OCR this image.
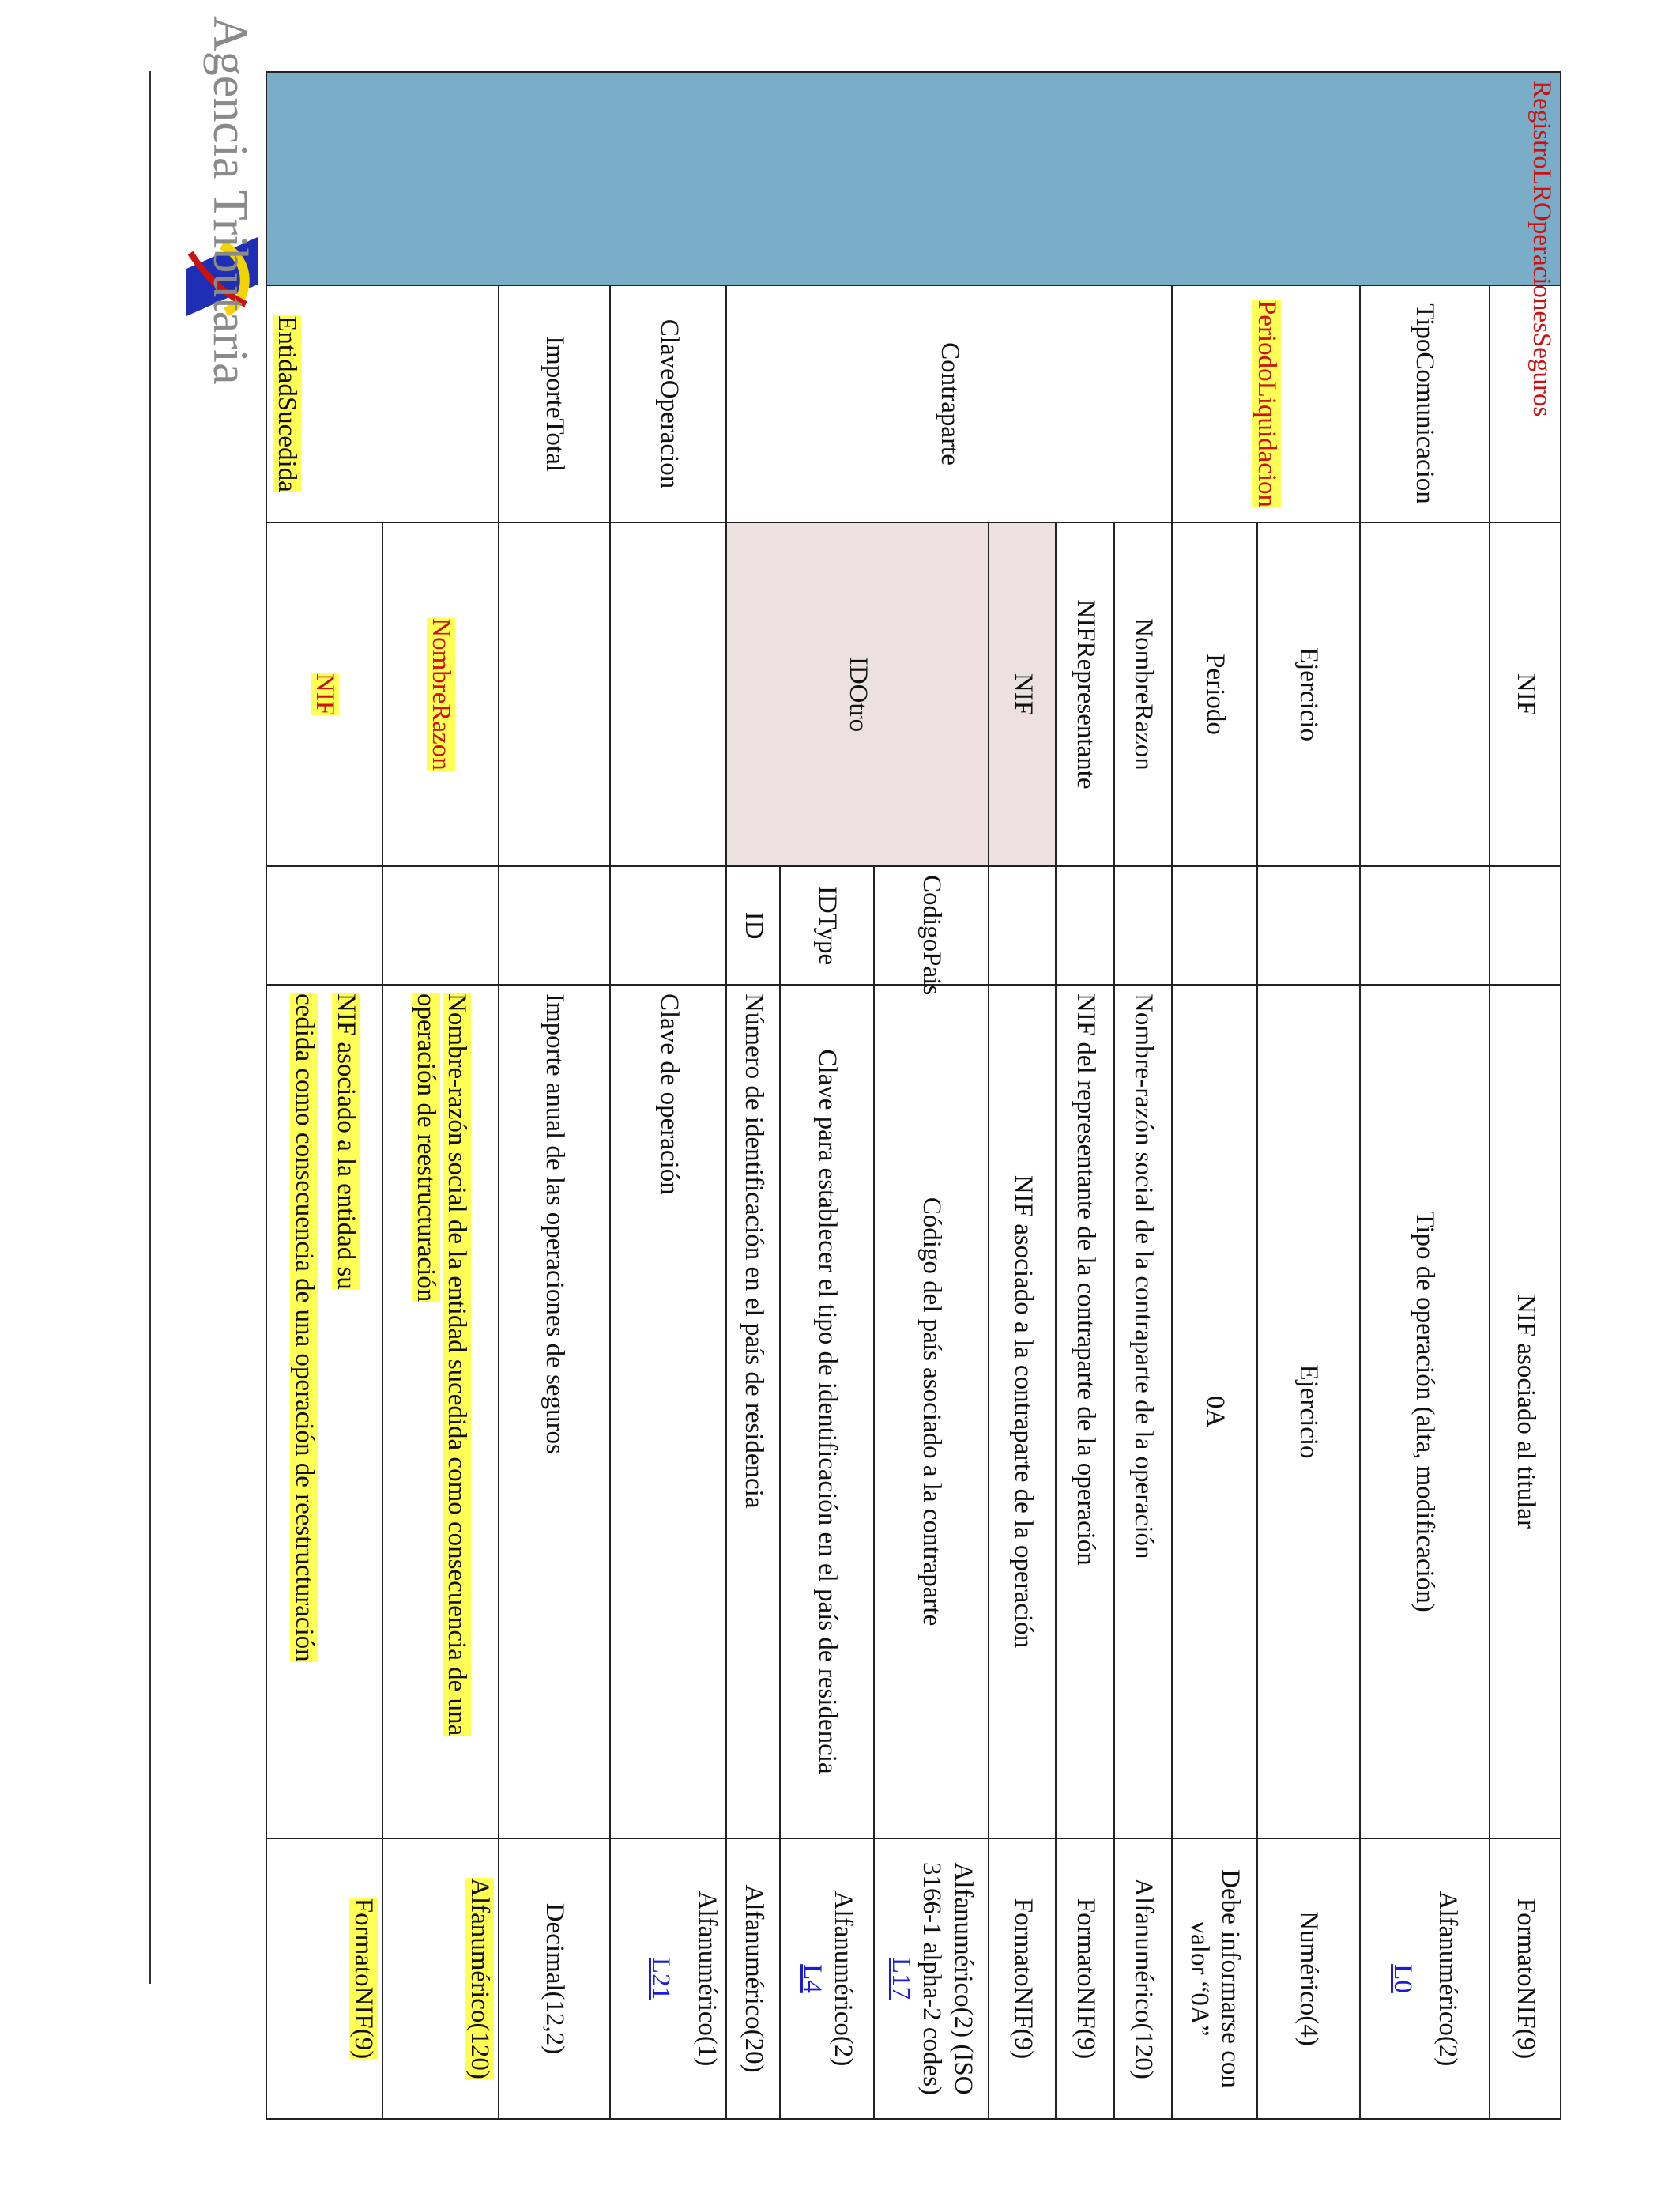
Agencia Tributaria	RegistroLROperacionesSeguros		NIF		NIF asociado al titular	FormatoNIF(9)
	TipoComunicacion			Tipo de operación (alta, modificación)	Alfanumérico(2)
L0

	PeriodoLiquidacion	Ejercicio		Ejercicio	Numérico(4)
		Periodo		0A	Debe informarse con valor “0A”
	Contraparte	NombreRazon		Nombre-razón social de la contraparte de la operación	Alfanumérico(120)
		NIFRepresentante		NIF del representante de la contraparte de la operación	FormatoNIF(9)
		NIF		NIF asociado a la contraparte de la operación	FormatoNIF(9)
		IDOtro	CodigoPais	Código del país asociado a la contraparte	Alfanumérico(2) (ISO 3166-1 alpha-2 codes)
L17
			IDType	Clave para establecer el tipo de identificación en el país de residencia	Alfanumérico(2)
L4
			ID	Número de identificación en el país de residencia	Alfanumérico(20)
	ClaveOperacion			Clave de operación	Alfanumérico(1)
L21

	ImporteTotal			Importe anual de las operaciones de seguros	Decimal(12,2)
	EntidadSucedida	NombreRazon		Nombre-razón social de la entidad sucedida como consecuencia de una operación de reestructuración	Alfanumérico(120)
		NIF		NIF asociado a la entidad su
cedida como consecuencia de una operación de reestructuración	FormatoNIF(9)
